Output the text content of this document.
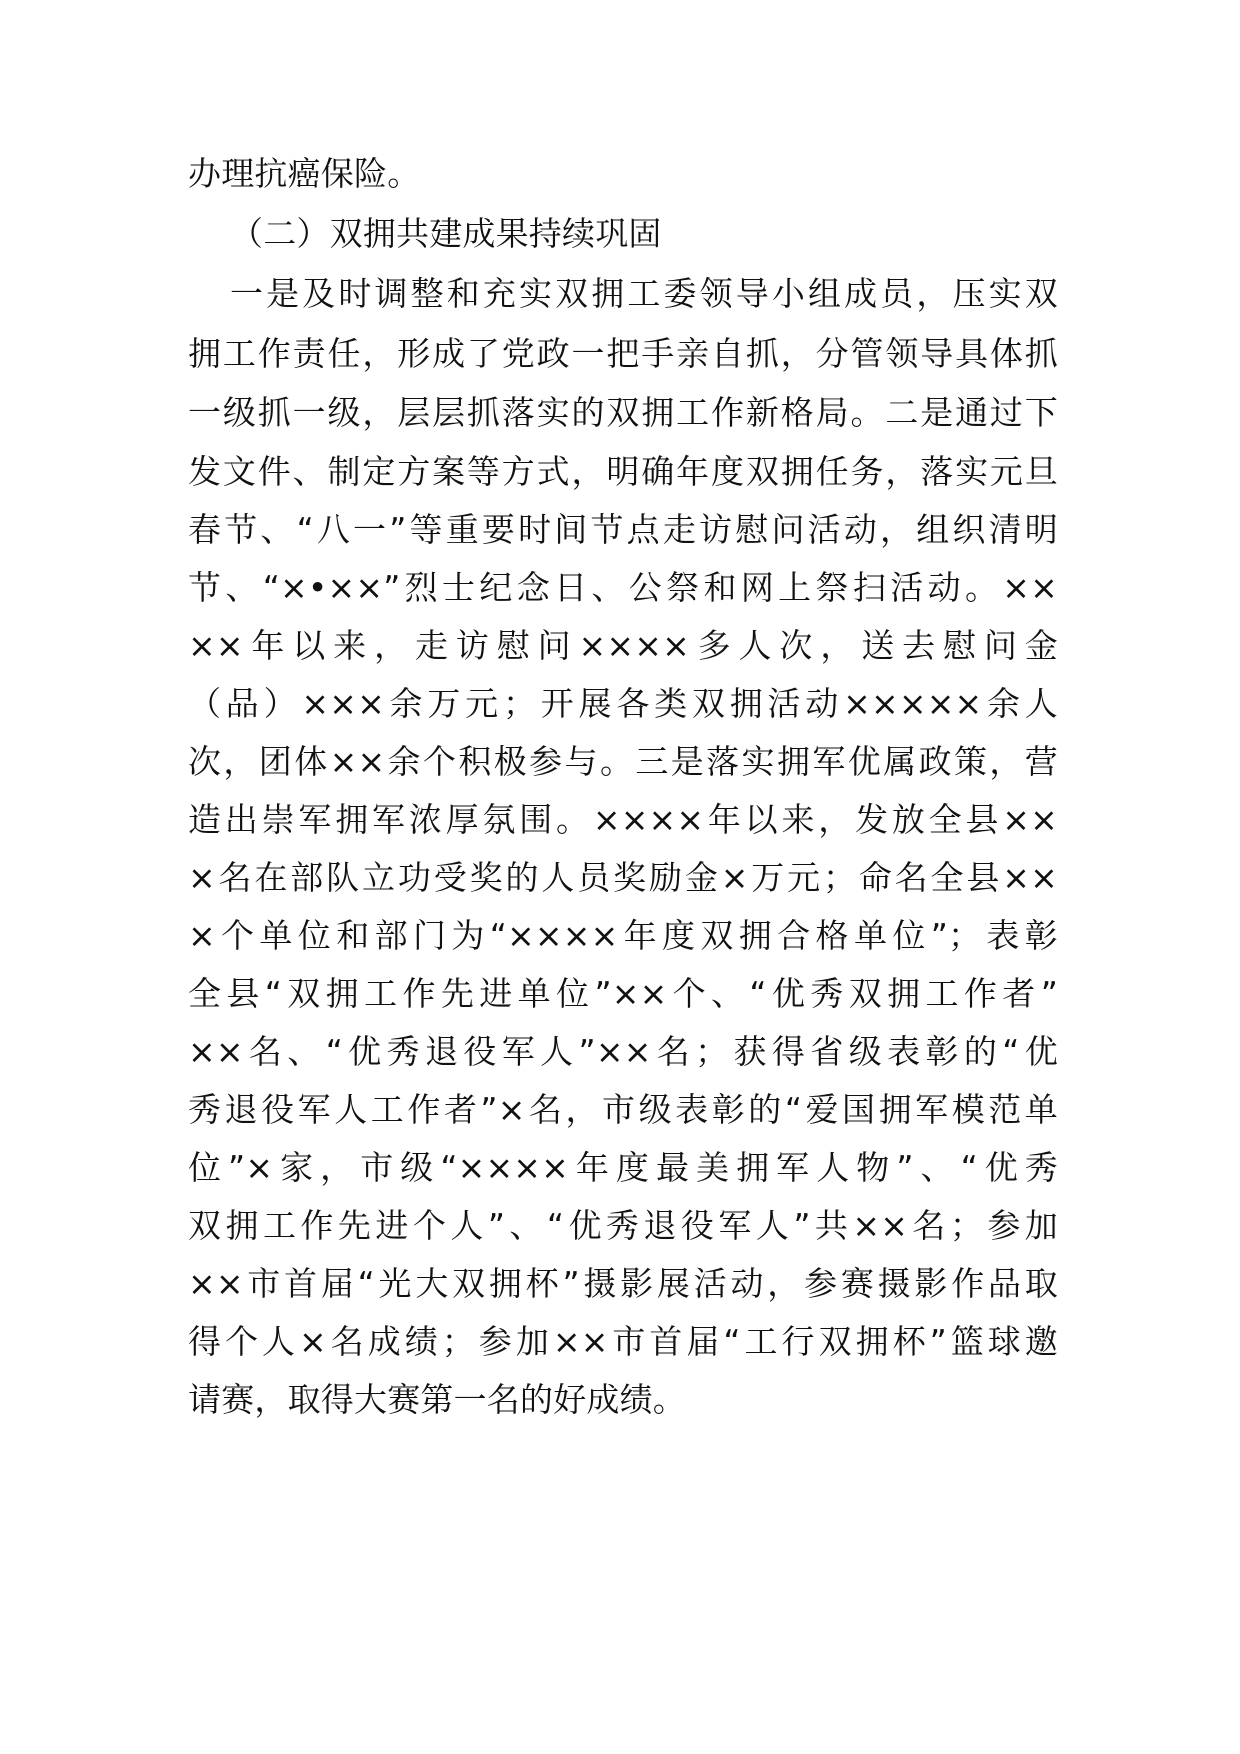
办理抗癌保险。
（二）双拥共建成果持续巩固
一是及时调整和充实双拥工委领导小组成员，压实双
拥工作责任，形成了党政一把手亲自抓，分管领导具体抓
一级抓一级，层层抓落实的双拥工作新格局。二是通过下
发文件、制定方案等方式，明确年度双拥任务，落实元旦
春节、“八一”等重要时间节点走访慰问活动，组织清明
节、“×•××”烈士纪念日、公祭和网上祭扫活动。××
××年以来，走访慰问××××多人次，送去慰问金
（品）×××余万元；开展各类双拥活动×××××余人
次，团体××余个积极参与。三是落实拥军优属政策，营
造出崇军拥军浓厚氛围。××××年以来，发放全县××
×名在部队立功受奖的人员奖励金×万元；命名全县××
×个单位和部门为“××××年度双拥合格单位”；表彰
全县“双拥工作先进单位”××个、“优秀双拥工作者”
××名、“优秀退役军人”××名；获得省级表彰的“优
秀退役军人工作者”×名，市级表彰的“爱国拥军模范单
位”×家，市级“××××年度最美拥军人物”、“优秀
双拥工作先进个人”、“优秀退役军人”共××名；参加
××市首届“光大双拥杯”摄影展活动，参赛摄影作品取
得个人×名成绩；参加××市首届“工行双拥杯”篮球邀
请赛，取得大赛第一名的好成绩。
